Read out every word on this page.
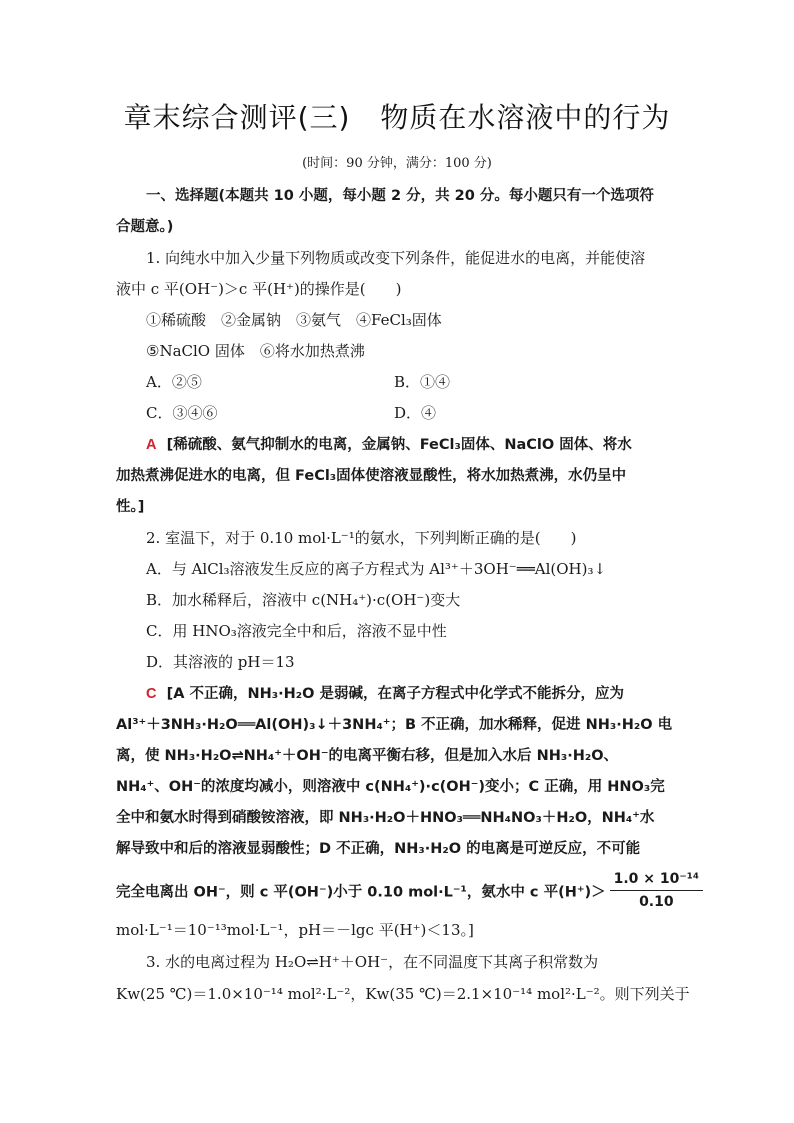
章末综合测评(三) 物质在水溶液中的行为
(时间：90 分钟，满分：100 分)
一、选择题(本题共 10 小题，每小题 2 分，共 20 分。每小题只有一个选项符
合题意。)
1. 向纯水中加入少量下列物质或改变下列条件，能促进水的电离，并能使溶
液中 c 平(OH⁻)＞c 平(H⁺)的操作是(　　)
①稀硫酸　②金属钠　③氨气　④FeCl₃固体
⑤NaClO 固体　⑥将水加热煮沸
A．②⑤	B．①④
C．③④⑥	D．④
A [稀硫酸、氨气抑制水的电离，金属钠、FeCl₃固体、NaClO 固体、将水
加热煮沸促进水的电离，但 FeCl₃固体使溶液显酸性，将水加热煮沸，水仍呈中
性。]
2. 室温下，对于 0.10 mol·L⁻¹的氨水，下列判断正确的是(　　)
A．与 AlCl₃溶液发生反应的离子方程式为 Al³⁺＋3OH⁻══Al(OH)₃↓
B．加水稀释后，溶液中 c(NH₄⁺)·c(OH⁻)变大
C．用 HNO₃溶液完全中和后，溶液不显中性
D．其溶液的 pH＝13
C [A 不正确，NH₃·H₂O 是弱碱，在离子方程式中化学式不能拆分，应为
Al³⁺＋3NH₃·H₂O══Al(OH)₃↓＋3NH₄⁺；B 不正确，加水稀释，促进 NH₃·H₂O 电
离，使 NH₃·H₂O⇌NH₄⁺＋OH⁻的电离平衡右移，但是加入水后 NH₃·H₂O、
NH₄⁺、OH⁻的浓度均减小，则溶液中 c(NH₄⁺)·c(OH⁻)变小；C 正确，用 HNO₃完
全中和氨水时得到硝酸铵溶液，即 NH₃·H₂O＋HNO₃══NH₄NO₃＋H₂O，NH₄⁺水
解导致中和后的溶液显弱酸性；D 不正确，NH₃·H₂O 的电离是可逆反应，不可能
完全电离出 OH⁻，则 c 平(OH⁻)小于 0.10 mol·L⁻¹，氨水中 c 平$(H^+)> \frac{\text{1.0 × 10⁻¹⁴}}{0.10}$
mol·L⁻¹＝10⁻¹³mol·L⁻¹，pH＝－lgc 平(H⁺)＜13。]
3. 水的电离过程为 H₂O⇌H⁺＋OH⁻，在不同温度下其离子积常数为
Kw(25 ℃)＝1.0×10⁻¹⁴ mol²·L⁻²，Kw(35 ℃)＝2.1×10⁻¹⁴ mol²·L⁻²。则下列关于
